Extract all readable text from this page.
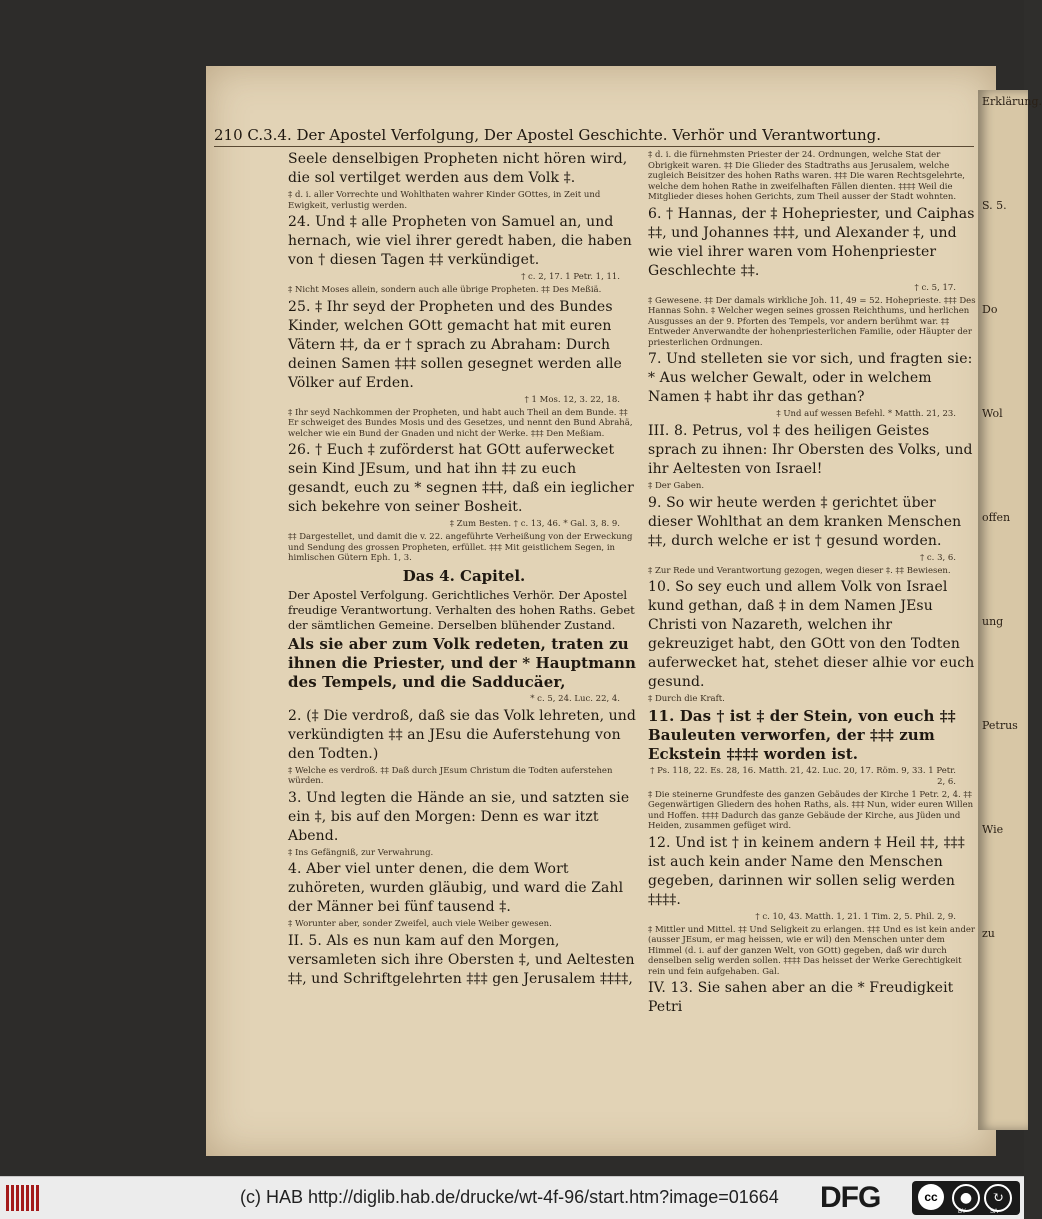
Erklärung.
S. 5.
Do
Wol
offen
ung
Petrus
Wie
zu
210 C.3.4. Der Apostel Verfolgung, Der Apostel Geschichte. Verhör und Verantwortung.
Seele denselbigen Propheten nicht hören wird, die sol vertilget werden aus dem Volk ‡.
‡ d. i. aller Vorrechte und Wohlthaten wahrer Kinder GOttes, in Zeit und Ewigkeit, verlustig werden.
24. Und ‡ alle Propheten von Samuel an, und hernach, wie viel ihrer geredt haben, die haben von † diesen Tagen ‡‡ verkündiget.
† c. 2, 17. 1 Petr. 1, 11.
‡ Nicht Moses allein, sondern auch alle übrige Propheten. ‡‡ Des Meßiä.
25. ‡ Ihr seyd der Propheten und des Bundes Kinder, welchen GOtt gemacht hat mit euren Vätern ‡‡, da er † sprach zu Abraham: Durch deinen Samen ‡‡‡ sollen gesegnet werden alle Völker auf Erden.
† 1 Mos. 12, 3. 22, 18.
‡ Ihr seyd Nachkommen der Propheten, und habt auch Theil an dem Bunde. ‡‡ Er schweiget des Bundes Mosis und des Gesetzes, und nennt den Bund Abrahä, welcher wie ein Bund der Gnaden und nicht der Werke. ‡‡‡ Den Meßiam.
26. † Euch ‡ zuförderst hat GOtt auferwecket sein Kind JEsum, und hat ihn ‡‡ zu euch gesandt, euch zu * segnen ‡‡‡, daß ein ieglicher sich bekehre von seiner Bosheit.
‡ Zum Besten. † c. 13, 46. * Gal. 3, 8. 9.
‡‡ Dargestellet, und damit die v. 22. angeführte Verheißung von der Erweckung und Sendung des grossen Propheten, erfüllet. ‡‡‡ Mit geistlichem Segen, in himlischen Gütern Eph. 1, 3.
Das 4. Capitel.
Der Apostel Verfolgung. Gerichtliches Verhör. Der Apostel freudige Verantwortung. Verhalten des hohen Raths. Gebet der sämtlichen Gemeine. Derselben blühender Zustand.
Als sie aber zum Volk redeten, traten zu ihnen die Priester, und der * Hauptmann des Tempels, und die Sadducäer,
* c. 5, 24. Luc. 22, 4.
2. (‡ Die verdroß, daß sie das Volk lehreten, und verkündigten ‡‡ an JEsu die Auferstehung von den Todten.)
‡ Welche es verdroß. ‡‡ Daß durch JEsum Christum die Todten auferstehen würden.
3. Und legten die Hände an sie, und satzten sie ein ‡, bis auf den Morgen: Denn es war itzt Abend.
‡ Ins Gefängniß, zur Verwahrung.
4. Aber viel unter denen, die dem Wort zuhöreten, wurden gläubig, und ward die Zahl der Männer bei fünf tausend ‡.
‡ Worunter aber, sonder Zweifel, auch viele Weiber gewesen.
II. 5. Als es nun kam auf den Morgen, versamleten sich ihre Obersten ‡, und Aeltesten ‡‡, und Schriftgelehrten ‡‡‡ gen Jerusalem ‡‡‡‡,
‡ d. i. die fürnehmsten Priester der 24. Ordnungen, welche Stat der Obrigkeit waren. ‡‡ Die Glieder des Stadtraths aus Jerusalem, welche zugleich Beisitzer des hohen Raths waren. ‡‡‡ Die waren Rechtsgelehrte, welche dem hohen Rathe in zweifelhaften Fällen dienten. ‡‡‡‡ Weil die Mitglieder dieses hohen Gerichts, zum Theil ausser der Stadt wohnten.
6. † Hannas, der ‡ Hohepriester, und Caiphas ‡‡, und Johannes ‡‡‡, und Alexander ‡, und wie viel ihrer waren vom Hohenpriester Geschlechte ‡‡.
† c. 5, 17.
‡ Gewesene. ‡‡ Der damals wirkliche Joh. 11, 49 = 52. Hoheprieste. ‡‡‡ Des Hannas Sohn. ‡ Welcher wegen seines grossen Reichthums, und herlichen Ausgusses an der 9. Pforten des Tempels, vor andern berühmt war. ‡‡ Entweder Anverwandte der hohenpriesterlichen Familie, oder Häupter der priesterlichen Ordnungen.
7. Und stelleten sie vor sich, und fragten sie: * Aus welcher Gewalt, oder in welchem Namen ‡ habt ihr das gethan?
‡ Und auf wessen Befehl. * Matth. 21, 23.
III. 8. Petrus, vol ‡ des heiligen Geistes sprach zu ihnen: Ihr Obersten des Volks, und ihr Aeltesten von Israel!
‡ Der Gaben.
9. So wir heute werden ‡ gerichtet über dieser Wohlthat an dem kranken Menschen ‡‡, durch welche er ist † gesund worden.
† c. 3, 6.
‡ Zur Rede und Verantwortung gezogen, wegen dieser ‡. ‡‡ Bewiesen.
10. So sey euch und allem Volk von Israel kund gethan, daß ‡ in dem Namen JEsu Christi von Nazareth, welchen ihr gekreuziget habt, den GOtt von den Todten auferwecket hat, stehet dieser alhie vor euch gesund.
‡ Durch die Kraft.
11. Das † ist ‡ der Stein, von euch ‡‡ Bauleuten verworfen, der ‡‡‡ zum Eckstein ‡‡‡‡ worden ist.
† Ps. 118, 22. Es. 28, 16. Matth. 21, 42. Luc. 20, 17. Röm. 9, 33. 1 Petr. 2, 6.
‡ Die steinerne Grundfeste des ganzen Gebäudes der Kirche 1 Petr. 2, 4. ‡‡ Gegenwärtigen Gliedern des hohen Raths, als. ‡‡‡ Nun, wider euren Willen und Hoffen. ‡‡‡‡ Dadurch das ganze Gebäude der Kirche, aus Jüden und Heiden, zusammen gefüget wird.
12. Und ist † in keinem andern ‡ Heil ‡‡, ‡‡‡ ist auch kein ander Name den Menschen gegeben, darinnen wir sollen selig werden ‡‡‡‡.
† c. 10, 43. Matth. 1, 21. 1 Tim. 2, 5. Phil. 2, 9.
‡ Mittler und Mittel. ‡‡ Und Seligkeit zu erlangen. ‡‡‡ Und es ist kein ander (ausser JEsum, er mag heissen, wie er wil) den Menschen unter dem Himmel (d. i. auf der ganzen Welt, von GOtt) gegeben, daß wir durch denselben selig werden sollen. ‡‡‡‡ Das heisset der Werke Gerechtigkeit rein und fein aufgehaben. Gal.
IV. 13. Sie sahen aber an die * Freudigkeit Petri
(c) HAB http://diglib.hab.de/drucke/wt-4f-96/start.htm?image=01664 DFG	cc	●	↻
BY	SA
